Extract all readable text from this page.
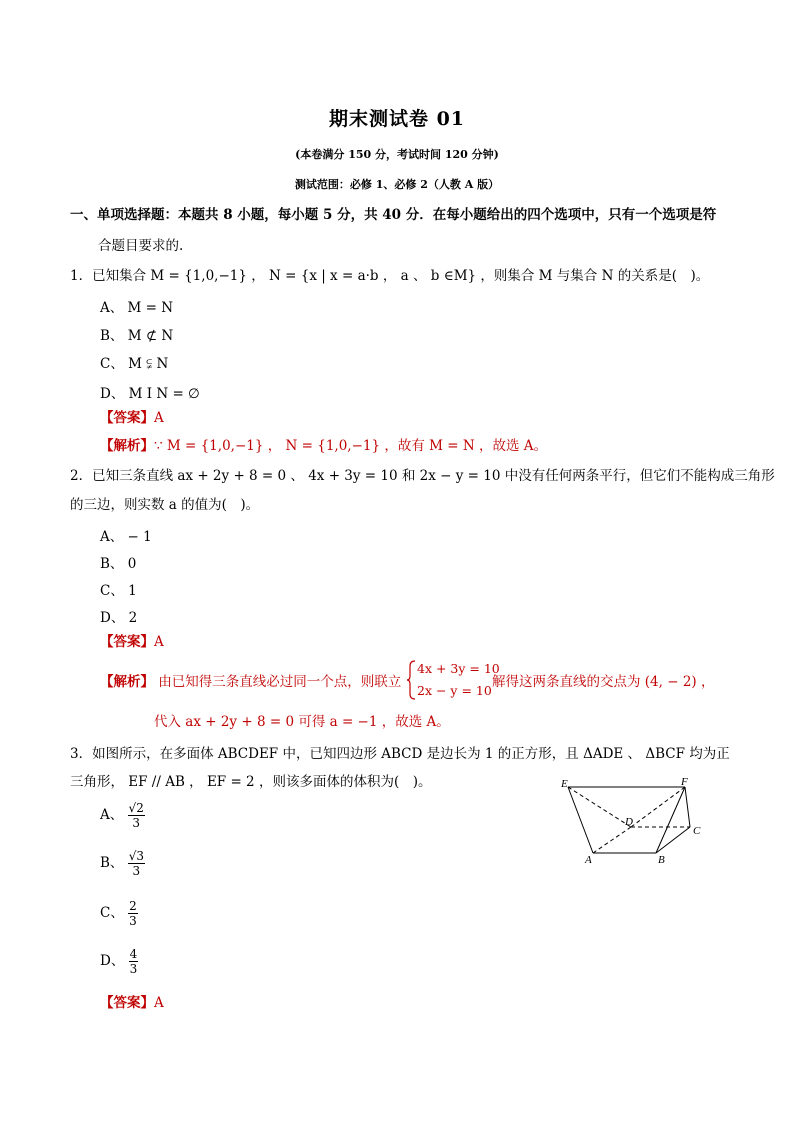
期末测试卷 01
(本卷满分 150 分，考试时间 120 分钟)
测试范围：必修 1、必修 2（人教 A 版）
一、单项选择题：本题共 8 小题，每小题 5 分，共 40 分．在每小题给出的四个选项中，只有一个选项是符
合题目要求的.
1．已知集合 M = {1,0,−1} ， N = {x | x = a·b ， a 、 b ∈M} ，则集合 M 与集合 N 的关系是(　)。
A、 M = N
B、 M ⊄ N
C、 M ⫋ N
D、 M I N = ∅
【答案】A
【解析】∵ M = {1,0,−1} ， N = {1,0,−1} ，故有 M = N ，故选 A。
2．已知三条直线 ax + 2y + 8 = 0 、 4x + 3y = 10 和 2x − y = 10 中没有任何两条平行，但它们不能构成三角形
的三边，则实数 a 的值为(　)。
A、 − 1
B、 0
C、 1
D、 2
【答案】A
【解析】 由已知得三条直线必过同一个点，则联立
4x + 3y = 10
2x − y = 10
解得这两条直线的交点为 (4, − 2) ，
代入 ax + 2y + 8 = 0 可得 a = −1 ，故选 A。
3．如图所示，在多面体 ABCDEF 中，已知四边形 ABCD 是边长为 1 的正方形，且 ΔADE 、 ΔBCF 均为正
三角形， EF // AB ， EF = 2 ，则该多面体的体积为(　)。
A、 $\frac{√2}{3}$
B、 $\frac{√3}{3}$
C、 $\frac{2}{3}$
D、 $\frac{4}{3}$
【答案】A
E	F
D
C
A	B
